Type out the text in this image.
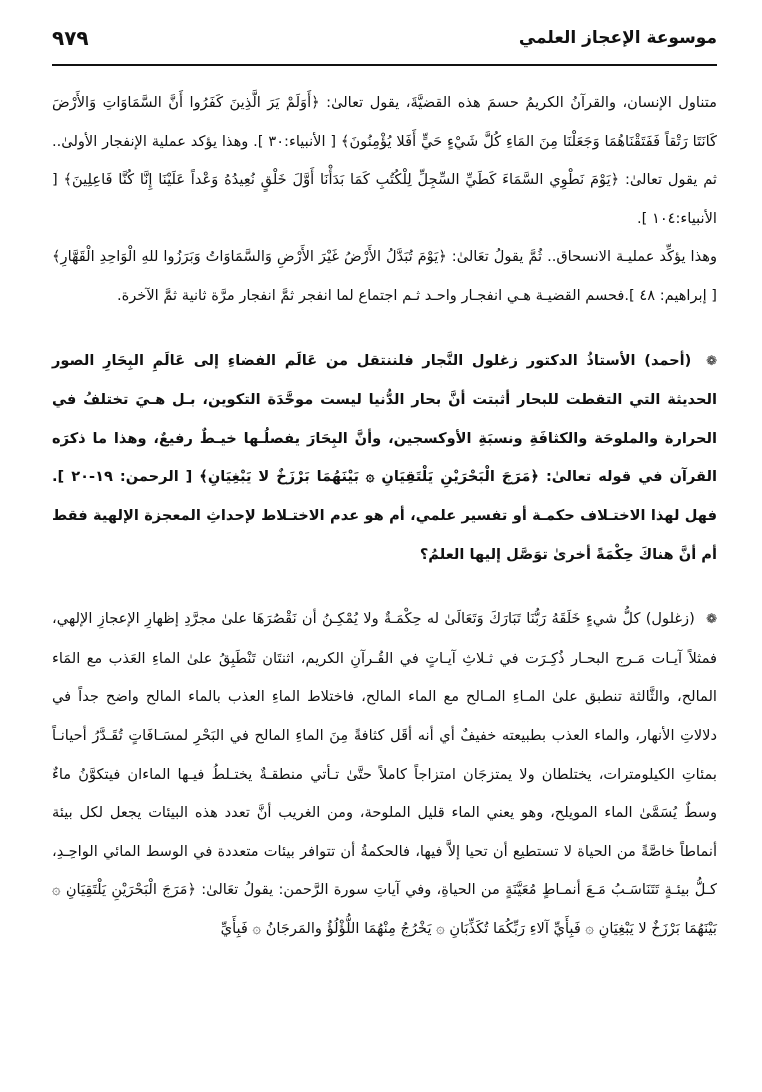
موسوعة الإعجاز العلمي
٩٧٩

متناول الإنسان، والقرآنُ الكريمُ حسمَ هذه القضيَّةَ، يقول تعالىٰ: ﴿أَوَلَمْ يَرَ الَّذِينَ كَفَرُوا أَنَّ السَّمَاوَاتِ وَالأَرْضَ كَانَتَا رَتْقاً فَفَتَقْنَاهُمَا وَجَعَلْنَا مِنَ المَاءِ كُلَّ شَيْءٍ حَيٍّ أَفَلا يُؤْمِنُونَ﴾ [ الأنبياء:٣٠ ]. وهذا يؤكد عملية الإنفجار الأولىٰ.. ثم يقول تعالىٰ: ﴿يَوْمَ نَطْوِي السَّمَاءَ كَطَيِّ السِّجِلِّ لِلْكُتُبِ كَمَا بَدَأْنَا أَوَّلَ خَلْقٍ نُعِيدُهُ وَعْداً عَلَيْنَا إِنَّا كُنَّا فَاعِلِينَ﴾ [ الأنبياء:١٠٤ ].

وهذا يؤكِّد عمليـة الانسحاق.. ثُمَّ يقولُ تعَالىٰ: ﴿يَوْمَ تُبَدَّلُ الأَرْضُ غَيْرَ الأَرْضِ وَالسَّمَاوَاتُ وَبَرَزُوا للهِ الْوَاحِدِ الْقَهَّارِ﴾ [ إبراهيم: ٤٨ ].فحسم القضيـة هـي انفجـار واحـد ثـم اجتماع لما انفجر ثمَّ انفجار مرَّة ثانية ثمَّ الآخرة.

❁ (أحمد) الأستاذُ الدكتور زغلول النَّجار فلننتقل من عَالَم الفضاءِ إلى عَالَمِ البِحَارِ الصور الحديثة التي التقطت للبحار أثبتت أنَّ بحار الدُّنيا ليست موحَّدَة التكوين، بـل هـيَ تختلفُ في الحرارة والملوحَة والكثافَةِ ونسبَةِ الأوكسجين، وأنَّ البِحَارَ يفصلُـها خيـطٌ رفيعٌ، وهذا ما ذكرَه القرآن في قوله تعالىٰ: ﴿مَرَجَ الْبَحْرَيْنِ يَلْتَقِيَانِ ۞ بَيْنَهُمَا بَرْزَخٌ لا يَبْغِيَانِ﴾ [ الرحمن: ١٩-٢٠ ]. فهل لهذا الاختـلاف حكمـة أو تفسير علمي، أم هو عدم الاختـلاط لإحداثِ المعجزة الإلهية فقط أم أنَّ هناكَ حِكْمَةً أخرىٰ توَصَّل إليها العلمُ؟

❁ (زغلول) كلُّ شيءٍ خَلَقَهُ رَبُّنَا تَبَارَكَ وَتَعَالَىٰ له حِكْمَـةٌ ولا يُمْكِـنُ أن نَقْصُرَهَا علىٰ مجرَّدِ إظهارِ الإعجازِ الإلهي، فمثلاً آيـات مَـرج البحـار ذُكِـرَت في ثـلاثِ آيـاتٍ في القُـرآنِ الكريم، اثنتَان تَنْطَبِقُ علىٰ الماءِ العَذب مع المَاء المالح، والثَّالثة تنطبق علىٰ المـاءِ المـالح مع الماء المالح، فاختلاط الماءِ العذب بالماء المالح واضح جداً في دلالاتِ الأنهار، والماء العذب بطبيعته خفيفٌ أي أنه أقَل كثافةً مِنَ الماءِ المالح في البَحْرِ لمسَـافَاتٍ تُقَـدَّرُ أحيانـاً بمئاتِ الكيلومترات، يختلطان ولا يمتزجَان امتزاجاً كاملاً حتَّىٰ تـأتي منطقـةٌ يختـلطُ فيـها الماءان فيتكوَّنُ ماءٌ وسطٌ يُسَمَّىٰ الماء المويلح، وهو يعني الماء قليل الملوحة، ومن الغريب أنَّ تعدد هذه البيئات يجعل لكل بيئة أنماطاً خاصَّةً من الحياة لا تستطيع أن تحيا إلاَّ فيها، فالحكمةُ أن تتوافر بيئات متعددة في الوسط المائي الواحِـدِ، كـلُّ بيئـةٍ تَتَنَاسَـبُ مَـعَ أنمـاطٍ مُعَيَّنَةٍ من الحياةِ، وفي آياتِ سورة الرَّحمن: يقولُ تعَالىٰ: ﴿مَرَجَ الْبَحْرَيْنِ يَلْتَقِيَانِ ۞ بَيْنَهُمَا بَرْزَخٌ لا يَبْغِيَانِ ۞ فَبِأَيِّ آلاءِ رَبِّكُمَا تُكَذِّبَانِ ۞ يَخْرُجُ مِنْهُمَا اللُّؤْلُؤُ والمَرجَانُ ۞ فَبِأَيِّ
